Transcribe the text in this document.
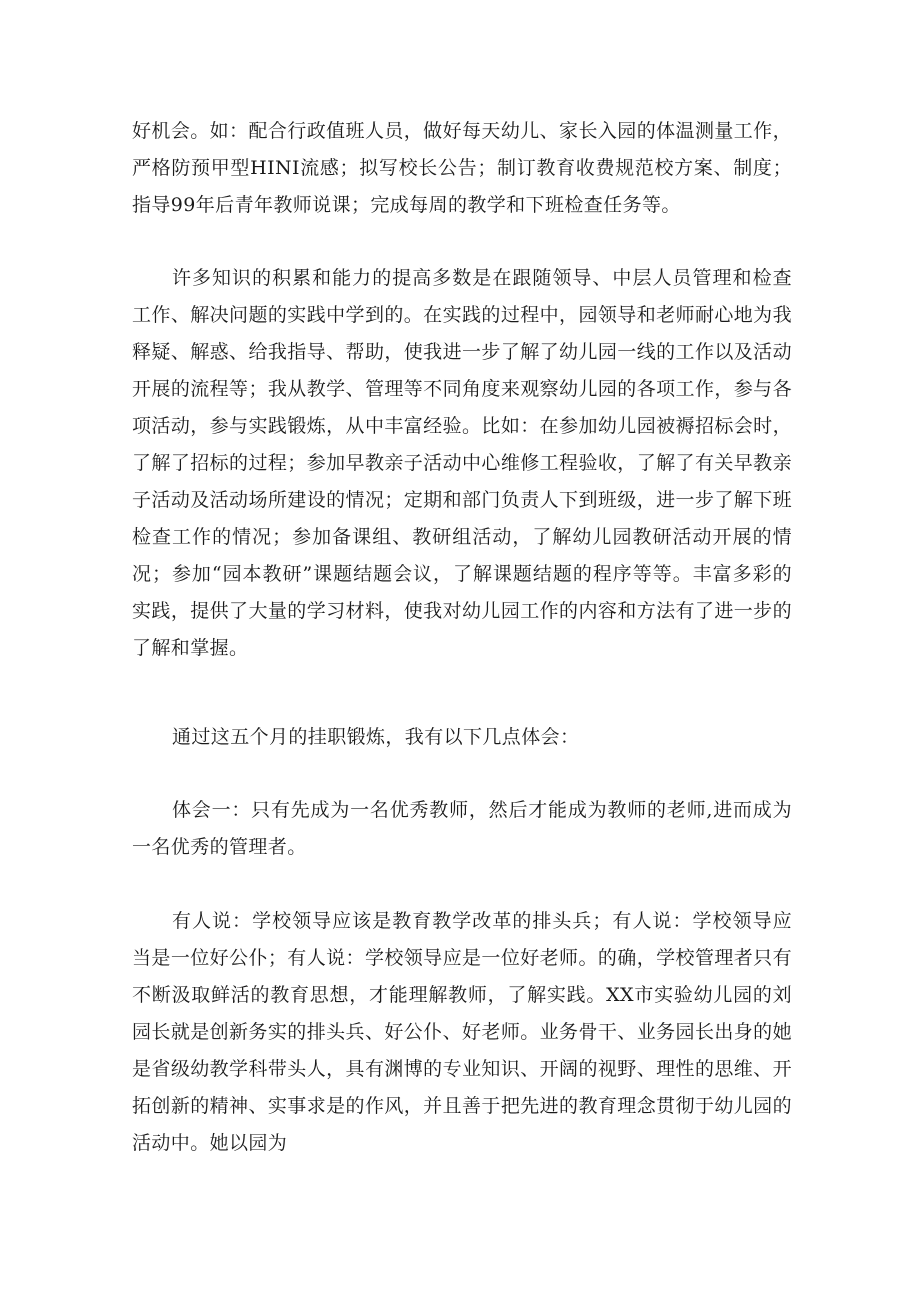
好机会。如：配合行政值班人员，做好每天幼儿、家长入园的体温测量工作，严格防预甲型HINI流感；拟写校长公告；制订教育收费规范校方案、制度；指导99年后青年教师说课；完成每周的教学和下班检查任务等。

许多知识的积累和能力的提高多数是在跟随领导、中层人员管理和检查工作、解决问题的实践中学到的。在实践的过程中，园领导和老师耐心地为我释疑、解惑、给我指导、帮助，使我进一步了解了幼儿园一线的工作以及活动开展的流程等；我从教学、管理等不同角度来观察幼儿园的各项工作，参与各项活动，参与实践锻炼，从中丰富经验。比如：在参加幼儿园被褥招标会时，了解了招标的过程；参加早教亲子活动中心维修工程验收，了解了有关早教亲子活动及活动场所建设的情况；定期和部门负责人下到班级，进一步了解下班检查工作的情况；参加备课组、教研组活动，了解幼儿园教研活动开展的情况；参加“园本教研”课题结题会议，了解课题结题的程序等等。丰富多彩的实践，提供了大量的学习材料，使我对幼儿园工作的内容和方法有了进一步的了解和掌握。

通过这五个月的挂职锻炼，我有以下几点体会：

体会一：只有先成为一名优秀教师，然后才能成为教师的老师,进而成为一名优秀的管理者。

有人说：学校领导应该是教育教学改革的排头兵；有人说：学校领导应当是一位好公仆；有人说：学校领导应是一位好老师。的确，学校管理者只有不断汲取鲜活的教育思想，才能理解教师，了解实践。XX市实验幼儿园的刘园长就是创新务实的排头兵、好公仆、好老师。业务骨干、业务园长出身的她是省级幼教学科带头人，具有渊博的专业知识、开阔的视野、理性的思维、开拓创新的精神、实事求是的作风，并且善于把先进的教育理念贯彻于幼儿园的活动中。她以园为
